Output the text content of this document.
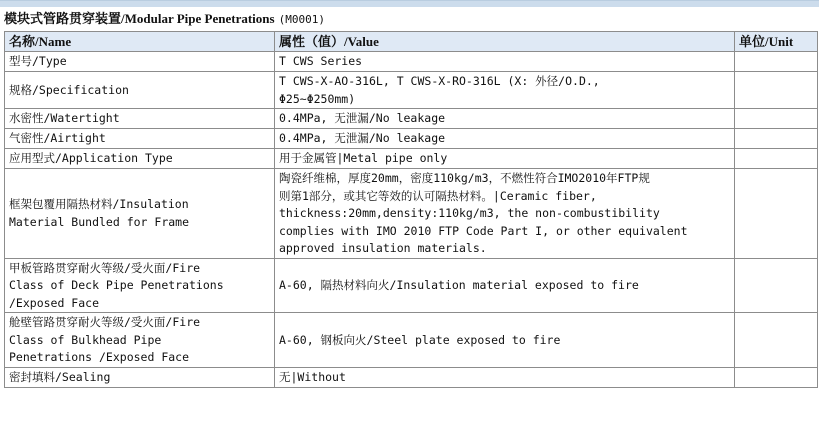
模块式管路贯穿装置/Modular Pipe Penetrations (M0001)
名称/Name	属性（值）/Value	单位/Unit
型号/Type	T CWS Series	
规格/Specification	T CWS-X-AO-316L, T CWS-X-RO-316L (X: 外径/O.D.,
Φ25~Φ250mm)	
水密性/Watertight	0.4MPa, 无泄漏/No leakage	
气密性/Airtight	0.4MPa, 无泄漏/No leakage	
应用型式/Application Type	用于金属管|Metal pipe only	
框架包覆用隔热材料/Insulation
Material Bundled for Frame	陶瓷纤维棉，厚度20mm，密度110kg/m3，不燃性符合IMO2010年FTP规
则第1部分，或其它等效的认可隔热材料。|Ceramic fiber,
thickness:20mm,density:110kg/m3, the non-combustibility
complies with IMO 2010 FTP Code Part I, or other equivalent
approved insulation materials.	
甲板管路贯穿耐火等级/受火面/Fire
Class of Deck Pipe Penetrations
/Exposed Face	A-60, 隔热材料向火/Insulation material exposed to fire	
舱壁管路贯穿耐火等级/受火面/Fire
Class of Bulkhead Pipe
Penetrations /Exposed Face	A-60, 钢板向火/Steel plate exposed to fire	
密封填料/Sealing	无|Without	
